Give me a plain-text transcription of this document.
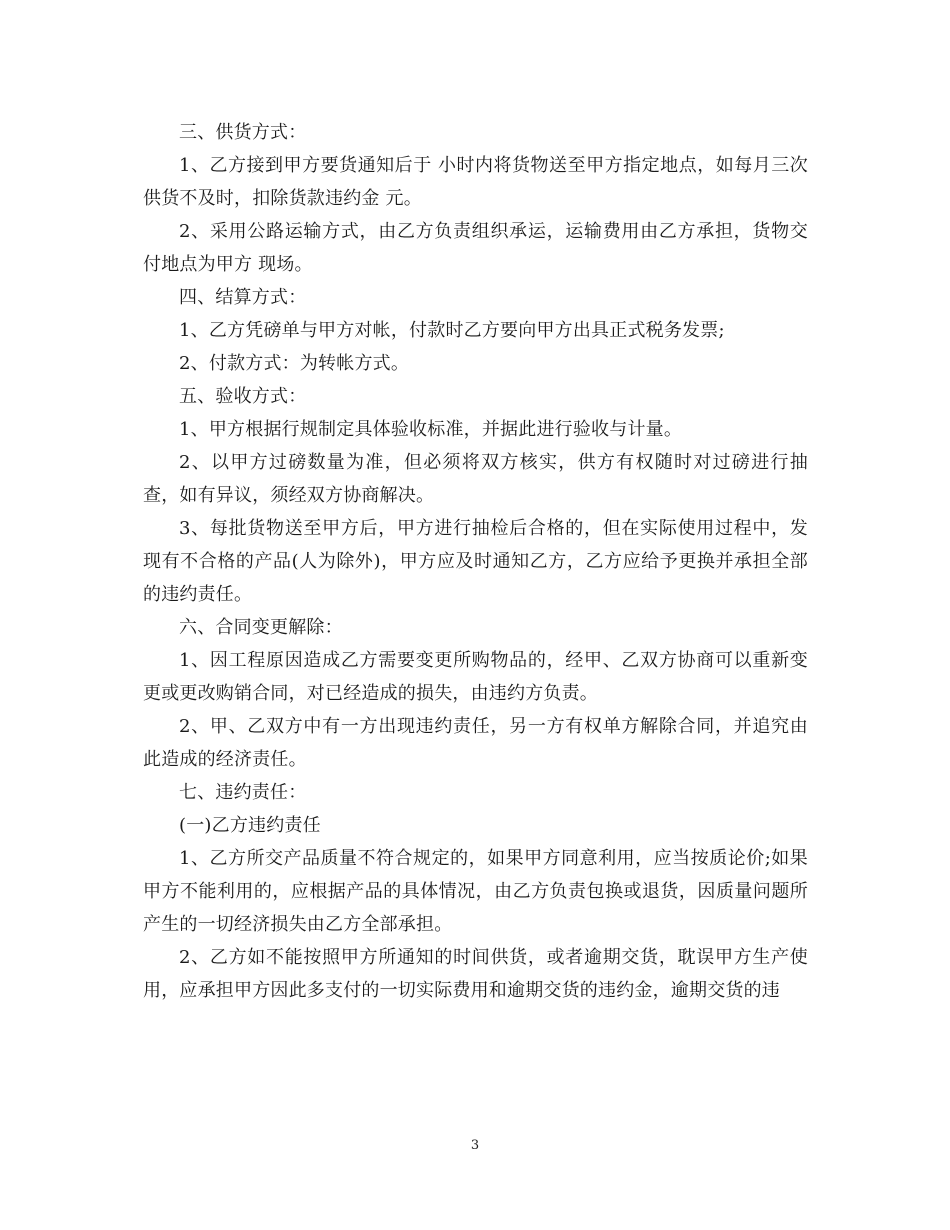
三、供货方式：

1、乙方接到甲方要货通知后于 小时内将货物送至甲方指定地点，如每月三次供货不及时，扣除货款违约金 元。

2、采用公路运输方式，由乙方负责组织承运，运输费用由乙方承担，货物交付地点为甲方 现场。

四、结算方式：

1、乙方凭磅单与甲方对帐，付款时乙方要向甲方出具正式税务发票;

2、付款方式：为转帐方式。

五、验收方式：

1、甲方根据行规制定具体验收标准，并据此进行验收与计量。

2、以甲方过磅数量为准，但必须将双方核实，供方有权随时对过磅进行抽查，如有异议，须经双方协商解决。

3、每批货物送至甲方后，甲方进行抽检后合格的，但在实际使用过程中，发现有不合格的产品(人为除外)，甲方应及时通知乙方，乙方应给予更换并承担全部的违约责任。

六、合同变更解除：

1、因工程原因造成乙方需要变更所购物品的，经甲、乙双方协商可以重新变更或更改购销合同，对已经造成的损失，由违约方负责。

2、甲、乙双方中有一方出现违约责任，另一方有权单方解除合同，并追究由此造成的经济责任。

七、违约责任：

(一)乙方违约责任

1、乙方所交产品质量不符合规定的，如果甲方同意利用，应当按质论价;如果甲方不能利用的，应根据产品的具体情况，由乙方负责包换或退货，因质量问题所产生的一切经济损失由乙方全部承担。

2、乙方如不能按照甲方所通知的时间供货，或者逾期交货，耽误甲方生产使用，应承担甲方因此多支付的一切实际费用和逾期交货的违约金，逾期交货的违

3
